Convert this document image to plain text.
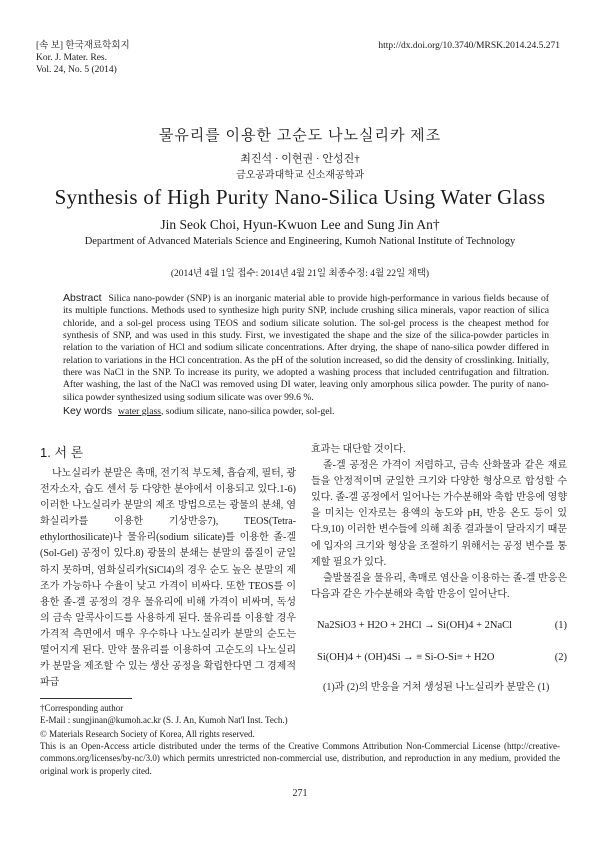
[속 보] 한국재료학회지
Kor. J. Mater. Res.
Vol. 24, No. 5 (2014)
http://dx.doi.org/10.3740/MRSK.2014.24.5.271
물유리를 이용한 고순도 나노실리카 제조
최진석 · 이현권 · 안성진†
금오공과대학교 신소재공학과
Synthesis of High Purity Nano-Silica Using Water Glass
Jin Seok Choi, Hyun-Kwuon Lee and Sung Jin An†
Department of Advanced Materials Science and Engineering, Kumoh National Institute of Technology
(2014년 4월 1일 접수: 2014년 4월 21일 최종수정: 4월 22일 채택)
Abstract Silica nano-powder (SNP) is an inorganic material able to provide high-performance in various fields because of its multiple functions. Methods used to synthesize high purity SNP, include crushing silica minerals, vapor reaction of silica chloride, and a sol-gel process using TEOS and sodium silicate solution. The sol-gel process is the cheapest method for synthesis of SNP, and was used in this study. First, we investigated the shape and the size of the silica-powder particles in relation to the variation of HCl and sodium silicate concentrations. After drying, the shape of nano-silica powder differed in relation to variations in the HCl concentration. As the pH of the solution increased, so did the density of crosslinking. Initially, there was NaCl in the SNP. To increase its purity, we adopted a washing process that included centrifugation and filtration. After washing, the last of the NaCl was removed using DI water, leaving only amorphous silica powder. The purity of nano-silica powder synthesized using sodium silicate was over 99.6 %.
Key words water glass, sodium silicate, nano-silica powder, sol-gel.
1. 서 론
나노실리카 분말은 촉매, 전기적 부도체, 흡습제, 필터, 광전자소자, 습도 센서 등 다양한 분야에서 이용되고 있다.1-6) 이러한 나노실리카 분말의 제조 방법으로는 광물의 분쇄, 염화실리카를 이용한 기상반응7), TEOS(Tetra-ethylorthosilicate)나 물유리(sodium silicate)를 이용한 졸-겔(Sol-Gel) 공정이 있다.8) 광물의 분쇄는 분말의 품질이 균일하지 못하며, 염화실리카(SiCl4)의 경우 순도 높은 분말의 제조가 가능하나 수율이 낮고 가격이 비싸다. 또한 TEOS를 이용한 졸-겔 공정의 경우 물유리에 비해 가격이 비싸며, 독성의 금속 알콕사이드를 사용하게 된다. 물유리를 이용할 경우 가격적 측면에서 매우 우수하나 나노실리카 분말의 순도는 떨어지게 된다. 만약 물유리를 이용하여 고순도의 나노실리카 분말을 제조할 수 있는 생산 공정을 확립한다면 그 경제적 파급

효과는 대단할 것이다.

졸-겔 공정은 가격이 저렴하고, 금속 산화물과 같은 재료들을 안정적이며 균일한 크기와 다양한 형상으로 합성할 수 있다. 졸-겔 공정에서 일어나는 가수분해와 축합 반응에 영향을 미치는 인자로는 용액의 농도와 pH, 반응 온도 등이 있다.9,10) 이러한 변수들에 의해 최종 결과물이 달라지기 때문에 입자의 크기와 형상을 조절하기 위해서는 공정 변수를 통제할 필요가 있다.

출발물질을 물유리, 촉매로 염산을 이용하는 졸-겔 반응은 다음과 같은 가수분해와 축합 반응이 일어난다.

Na2SiO3 + H2O + 2HCl → Si(OH)4 + 2NaCl	(1)
Si(OH)4 + (OH)4Si → ≡ Si-O-Si≡ + H2O	(2)

(1)과 (2)의 반응을 거쳐 생성된 나노실리카 분말은 (1)

†Corresponding author
E-Mail : sungjinan@kumoh.ac.kr (S. J. An, Kumoh Nat'l Inst. Tech.)
© Materials Research Society of Korea, All rights reserved.
This is an Open-Access article distributed under the terms of the Creative Commons Attribution Non-Commercial License (http://creative-commons.org/licenses/by-nc/3.0) which permits unrestricted non-commercial use, distribution, and reproduction in any medium, provided the original work is properly cited.
271
